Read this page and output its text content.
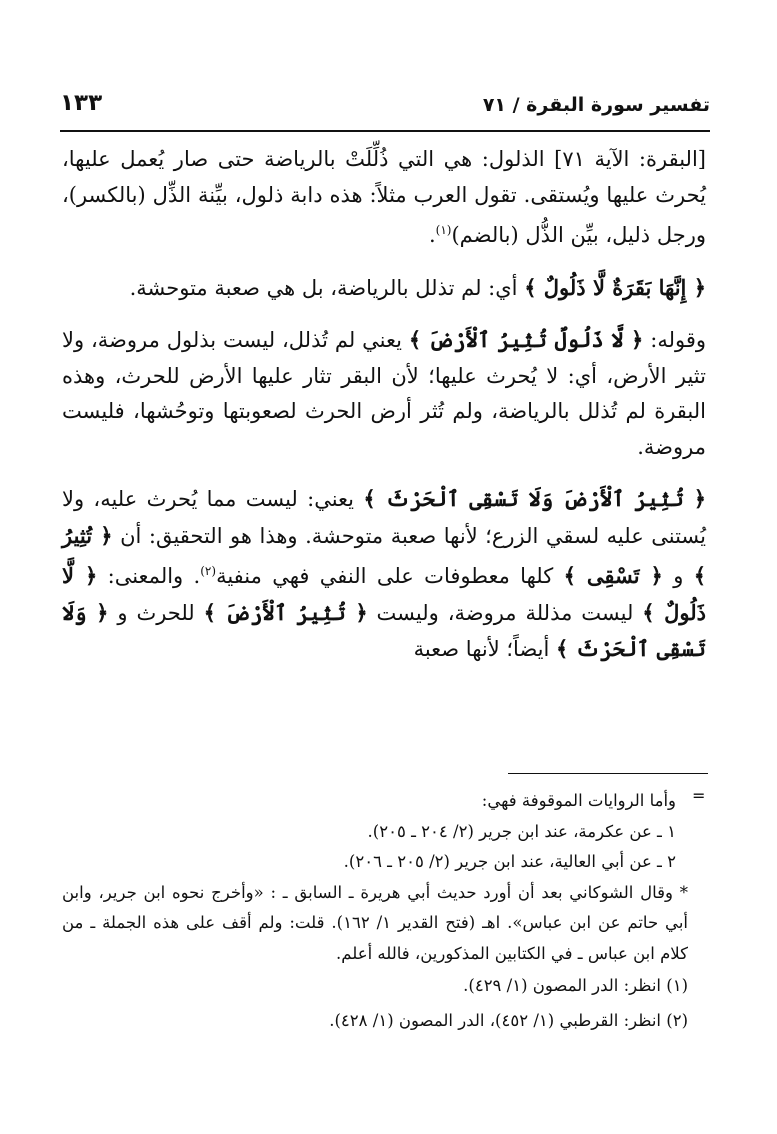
تفسير سورة البقرة / ٧١
١٣٣

[البقرة: الآية ٧١] الذلول: هي التي ذُلِّلَتْ بالرياضة حتى صار يُعمل عليها، يُحرث عليها ويُستقى. تقول العرب مثلاً: هذه دابة ذلول، بيِّنة الذِّل (بالكسر)، ورجل ذليل، بيِّن الذُّل (بالضم)$^{(١)}$.

﴿ إِنَّهَا بَقَرَةٌ لَّا ذَلُولٌ ﴾ أي: لم تذلل بالرياضة، بل هي صعبة متوحشة.

وقوله: ﴿ لَّا ذَلُولٌ تُثِيرُ ٱلْأَرْضَ ﴾ يعني لم تُذلل، ليست بذلول مروضة، ولا تثير الأرض، أي: لا يُحرث عليها؛ لأن البقر تثار عليها الأرض للحرث، وهذه البقرة لم تُذلل بالرياضة، ولم تُثر أرض الحرث لصعوبتها وتوحُشها، فليست مروضة.

﴿ تُثِيرُ ٱلْأَرْضَ وَلَا تَسْقِى ٱلْحَرْثَ ﴾ يعني: ليست مما يُحرث عليه، ولا يُستنى عليه لسقي الزرع؛ لأنها صعبة متوحشة. وهذا هو التحقيق: أن ﴿ تُثِيرُ ﴾ و ﴿ تَسْقِى ﴾ كلها معطوفات على النفي فهي منفية$^{(٢)}$. والمعنى: ﴿ لَّا ذَلُولٌ ﴾ ليست مذللة مروضة، وليست ﴿ تُثِيرُ ٱلْأَرْضَ ﴾ للحرث و ﴿ وَلَا تَسْقِى ٱلْحَرْثَ ﴾ أيضاً؛ لأنها صعبة

=

وأما الروايات الموقوفة فهي:

١ ـ عن عكرمة، عند ابن جرير (٢/ ٢٠٤ ـ ٢٠٥).

٢ ـ عن أبي العالية، عند ابن جرير (٢/ ٢٠٥ ـ ٢٠٦).

* وقال الشوكاني بعد أن أورد حديث أبي هريرة ـ السابق ـ : «وأخرج نحوه ابن جرير، وابن أبي حاتم عن ابن عباس». اهـ (فتح القدير ١/ ١٦٢). قلت: ولم أقف على هذه الجملة ـ من كلام ابن عباس ـ في الكتابين المذكورين، فالله أعلم.

(١) انظر: الدر المصون (١/ ٤٢٩).

(٢) انظر: القرطبي (١/ ٤٥٢)، الدر المصون (١/ ٤٢٨).
